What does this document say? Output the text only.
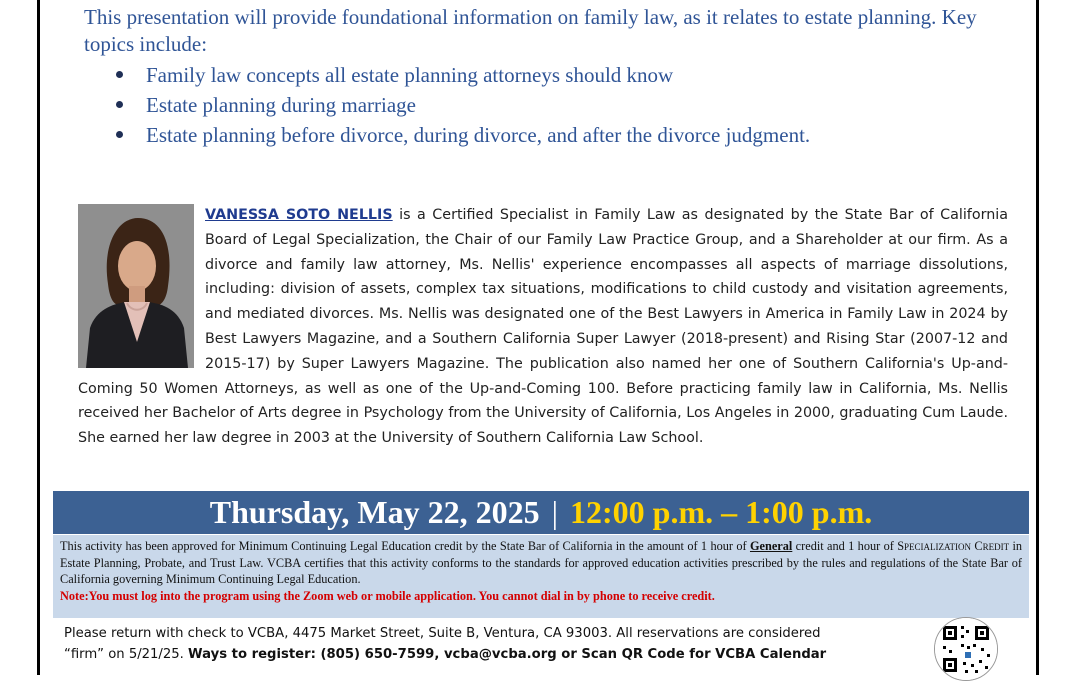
This presentation will provide foundational information on family law, as it relates to estate planning. Key topics include:
Family law concepts all estate planning attorneys should know
Estate planning during marriage
Estate planning before divorce, during divorce, and after the divorce judgment.
VANESSA SOTO NELLIS is a Certified Specialist in Family Law as designated by the State Bar of California Board of Legal Specialization, the Chair of our Family Law Practice Group, and a Shareholder at our firm. As a divorce and family law attorney, Ms. Nellis' experience encompasses all aspects of marriage dissolutions, including: division of assets, complex tax situations, modifications to child custody and visitation agreements, and mediated divorces. Ms. Nellis was designated one of the Best Lawyers in America in Family Law in 2024 by Best Lawyers Magazine, and a Southern California Super Lawyer (2018-present) and Rising Star (2007-12 and 2015-17) by Super Lawyers Magazine. The publication also named her one of Southern California's Up-and-Coming 50 Women Attorneys, as well as one of the Up-and-Coming 100. Before practicing family law in California, Ms. Nellis received her Bachelor of Arts degree in Psychology from the University of California, Los Angeles in 2000, graduating Cum Laude. She earned her law degree in 2003 at the University of Southern California Law School.
Thursday, May 22, 2025 | 12:00 p.m. – 1:00 p.m.
This activity has been approved for Minimum Continuing Legal Education credit by the State Bar of California in the amount of 1 hour of General credit and 1 hour of Specialization Credit in Estate Planning, Probate, and Trust Law. VCBA certifies that this activity conforms to the standards for approved education activities prescribed by the rules and regulations of the State Bar of California governing Minimum Continuing Legal Education.
Note:You must log into the program using the Zoom web or mobile application. You cannot dial in by phone to receive credit.
Please return with check to VCBA, 4475 Market Street, Suite B, Ventura, CA 93003. All reservations are considered
“firm” on 5/21/25. Ways to register: (805) 650-7599, vcba@vcba.org or Scan QR Code for VCBA Calendar
